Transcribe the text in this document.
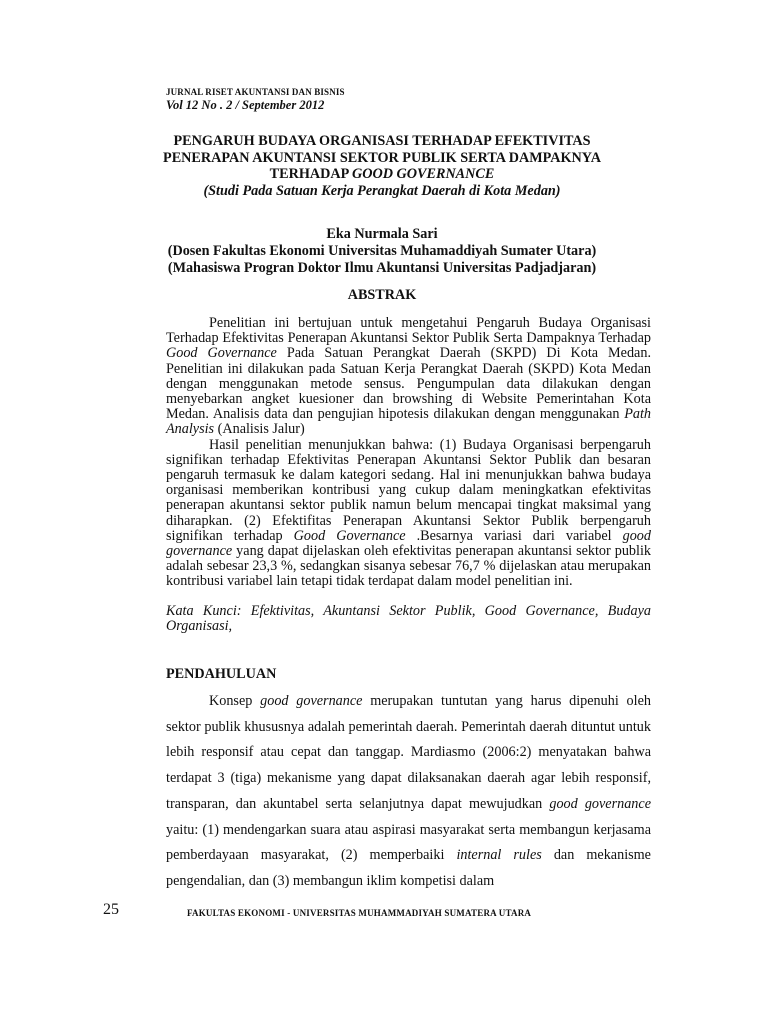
JURNAL RISET AKUNTANSI DAN BISNIS
Vol 12 No . 2 / September 2012
PENGARUH BUDAYA ORGANISASI TERHADAP EFEKTIVITAS
PENERAPAN AKUNTANSI SEKTOR PUBLIK SERTA DAMPAKNYA
TERHADAP GOOD GOVERNANCE
(Studi Pada Satuan Kerja Perangkat Daerah di Kota Medan)
Eka Nurmala Sari
(Dosen Fakultas Ekonomi Universitas Muhamaddiyah Sumater Utara)
(Mahasiswa Progran Doktor Ilmu Akuntansi Universitas Padjadjaran)
ABSTRAK

Penelitian ini bertujuan untuk mengetahui Pengaruh Budaya Organisasi Terhadap Efektivitas Penerapan Akuntansi Sektor Publik Serta Dampaknya Terhadap Good Governance Pada Satuan Perangkat Daerah (SKPD) Di Kota Medan. Penelitian ini dilakukan pada Satuan Kerja Perangkat Daerah (SKPD) Kota Medan dengan menggunakan metode sensus. Pengumpulan data dilakukan dengan menyebarkan angket kuesioner dan browshing di Website Pemerintahan Kota Medan. Analisis data dan pengujian hipotesis dilakukan dengan menggunakan Path Analysis (Analisis Jalur)

Hasil penelitian menunjukkan bahwa: (1) Budaya Organisasi berpengaruh signifikan terhadap Efektivitas Penerapan Akuntansi Sektor Publik dan besaran pengaruh termasuk ke dalam kategori sedang. Hal ini menunjukkan bahwa budaya organisasi memberikan kontribusi yang cukup dalam meningkatkan efektivitas penerapan akuntansi sektor publik namun belum mencapai tingkat maksimal yang diharapkan. (2) Efektifitas Penerapan Akuntansi Sektor Publik berpengaruh signifikan terhadap Good Governance .Besarnya variasi dari variabel good governance yang dapat dijelaskan oleh efektivitas penerapan akuntansi sektor publik adalah sebesar 23,3 %, sedangkan sisanya sebesar 76,7 % dijelaskan atau merupakan kontribusi variabel lain tetapi tidak terdapat dalam model penelitian ini.

Kata Kunci: Efektivitas, Akuntansi Sektor Publik, Good Governance, Budaya Organisasi,
PENDAHULUAN

Konsep good governance merupakan tuntutan yang harus dipenuhi oleh sektor publik khususnya adalah pemerintah daerah. Pemerintah daerah dituntut untuk lebih responsif atau cepat dan tanggap. Mardiasmo (2006:2) menyatakan bahwa terdapat 3 (tiga) mekanisme yang dapat dilaksanakan daerah agar lebih responsif, transparan, dan akuntabel serta selanjutnya dapat mewujudkan good governance yaitu: (1) mendengarkan suara atau aspirasi masyarakat serta membangun kerjasama pemberdayaan masyarakat, (2) memperbaiki internal rules dan mekanisme pengendalian, dan (3) membangun iklim kompetisi dalam

25	FAKULTAS EKONOMI - UNIVERSITAS MUHAMMADIYAH SUMATERA UTARA
